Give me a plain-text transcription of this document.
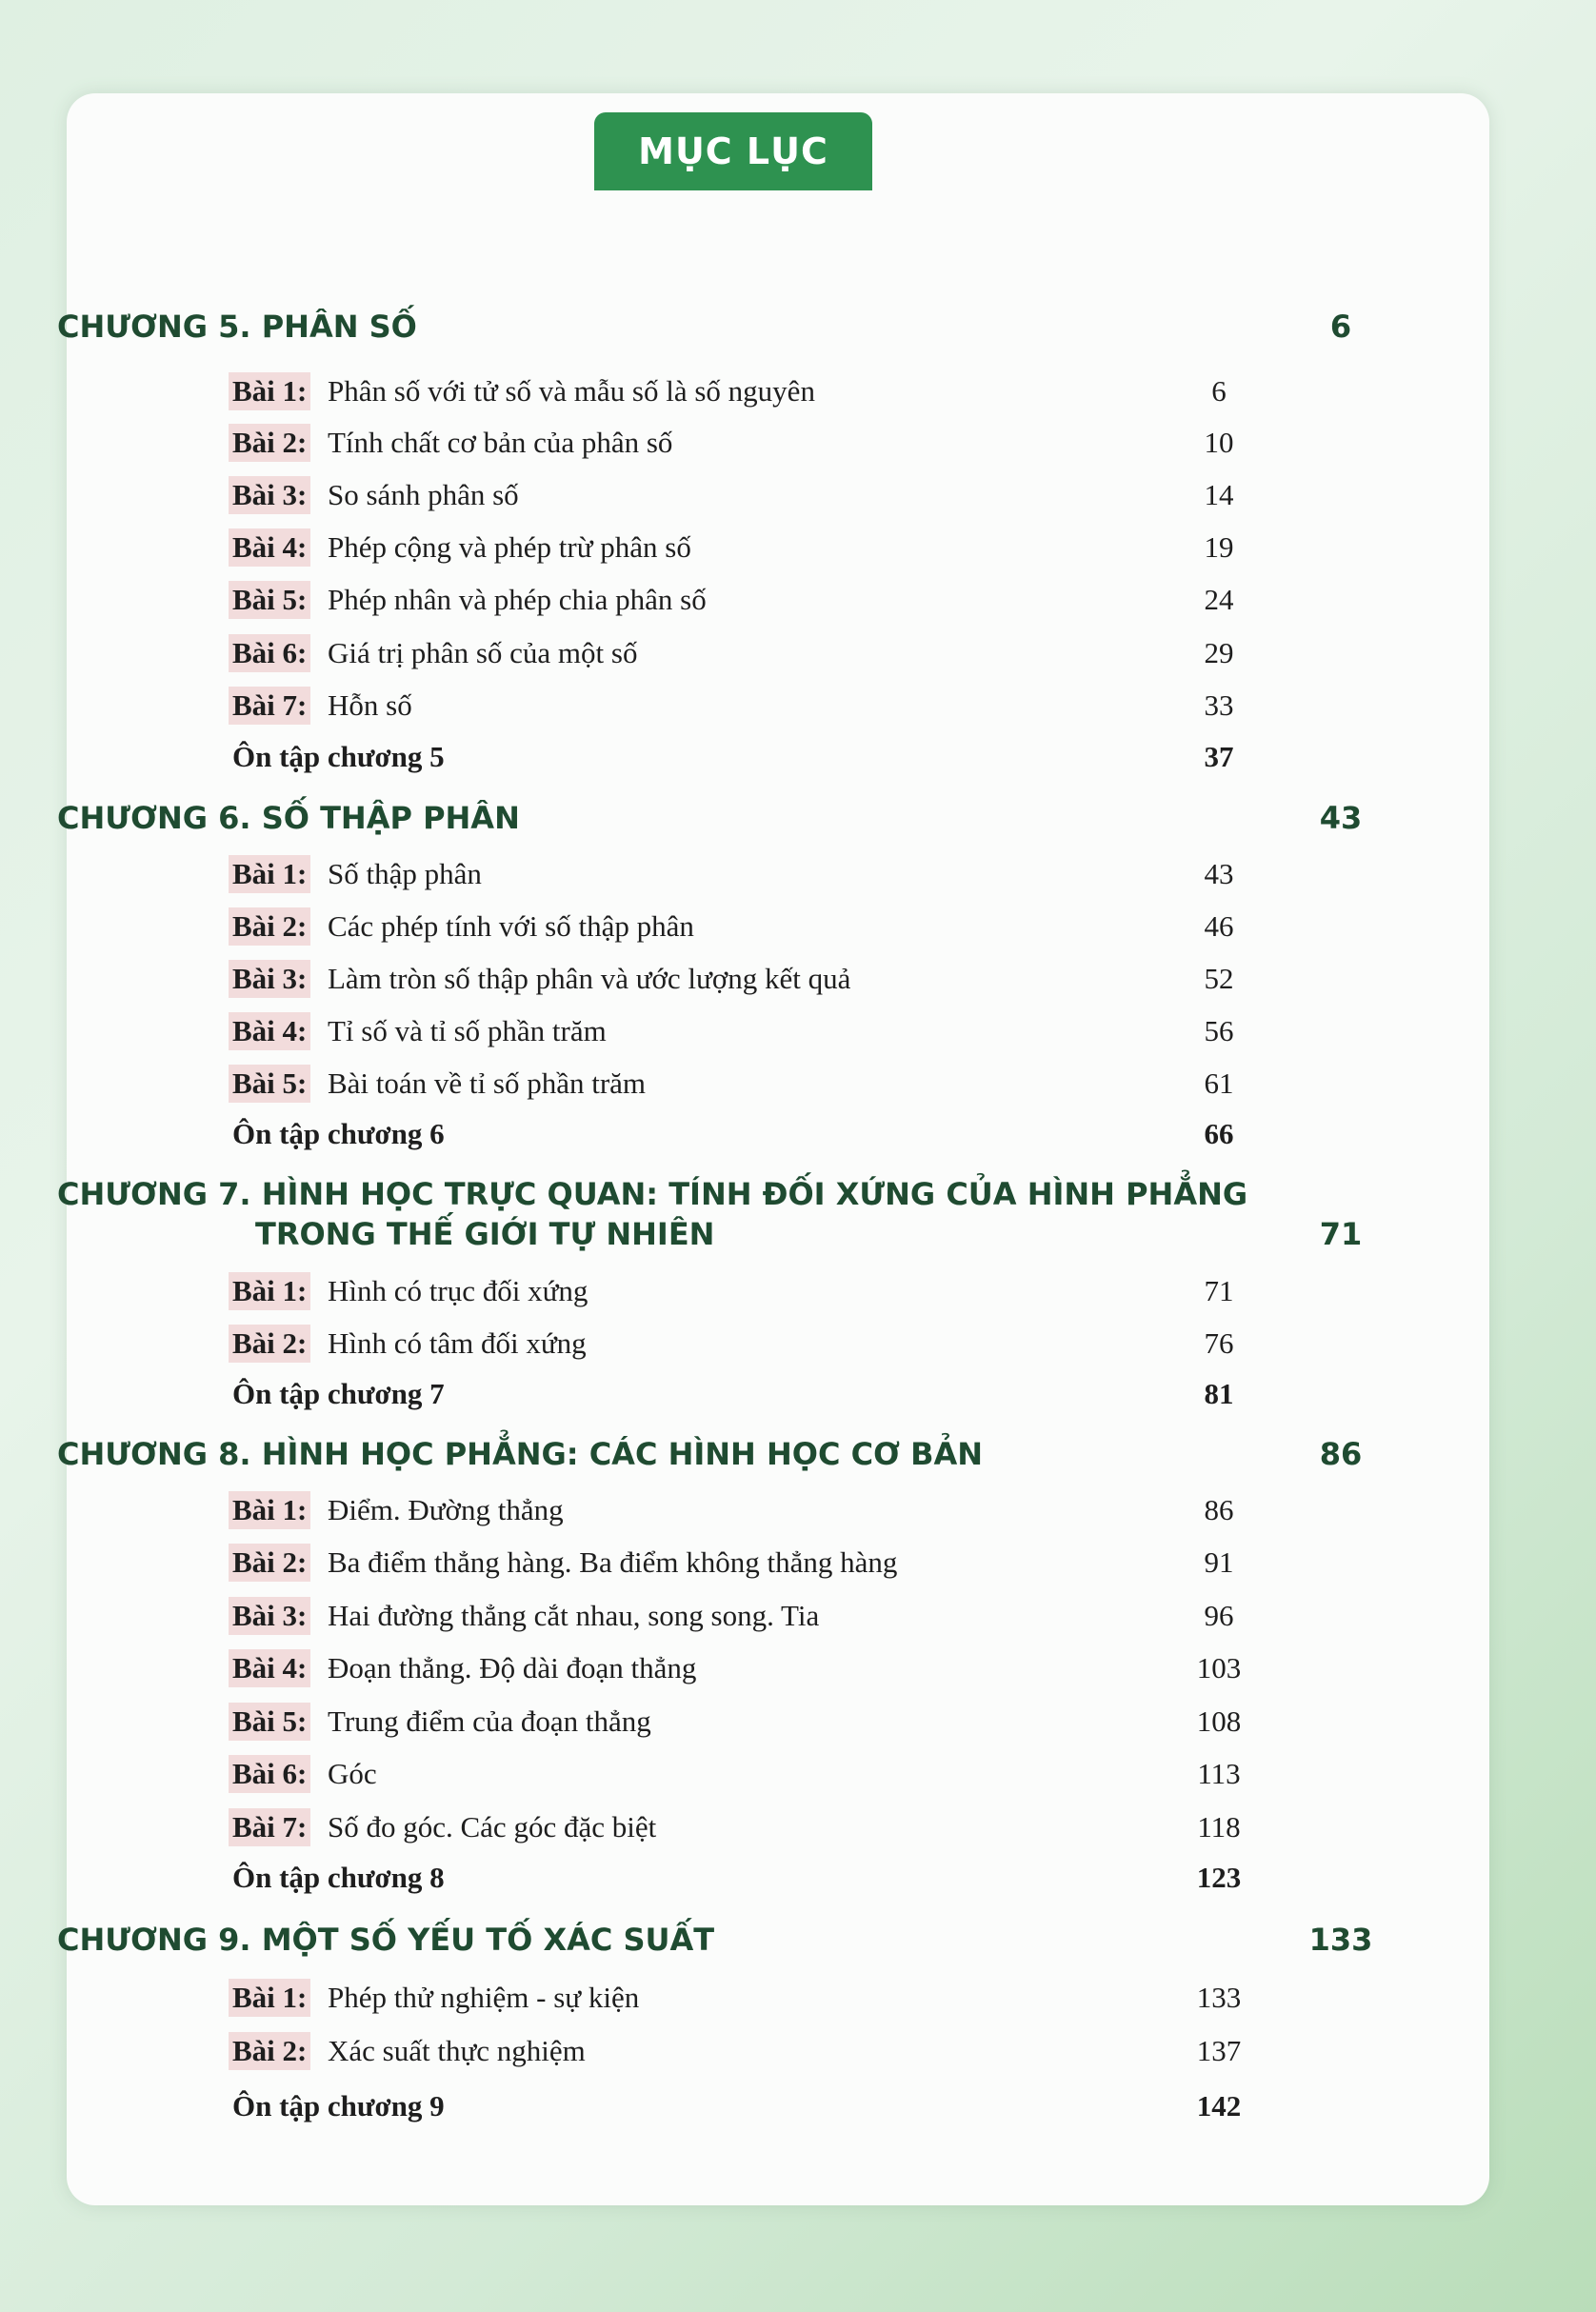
MỤC LỤC
CHƯƠNG 5. PHÂN SỐ	6
Bài 1: Phân số với tử số và mẫu số là số nguyên	6
Bài 2: Tính chất cơ bản của phân số	10
Bài 3: So sánh phân số	14
Bài 4: Phép cộng và phép trừ phân số	19
Bài 5: Phép nhân và phép chia phân số	24
Bài 6: Giá trị phân số của một số	29
Bài 7: Hỗn số	33
Ôn tập chương 5	37
CHƯƠNG 6. SỐ THẬP PHÂN	43
Bài 1: Số thập phân	43
Bài 2: Các phép tính với số thập phân	46
Bài 3: Làm tròn số thập phân và ước lượng kết quả	52
Bài 4: Tỉ số và tỉ số phần trăm	56
Bài 5: Bài toán về tỉ số phần trăm	61
Ôn tập chương 6	66
CHƯƠNG 7. HÌNH HỌC TRỰC QUAN: TÍNH ĐỐI XỨNG CỦA HÌNH PHẲNG
TRONG THẾ GIỚI TỰ NHIÊN	71
Bài 1: Hình có trục đối xứng	71
Bài 2: Hình có tâm đối xứng	76
Ôn tập chương 7	81
CHƯƠNG 8. HÌNH HỌC PHẲNG: CÁC HÌNH HỌC CƠ BẢN	86
Bài 1: Điểm. Đường thẳng	86
Bài 2: Ba điểm thẳng hàng. Ba điểm không thẳng hàng	91
Bài 3: Hai đường thẳng cắt nhau, song song. Tia	96
Bài 4: Đoạn thẳng. Độ dài đoạn thẳng	103
Bài 5: Trung điểm của đoạn thẳng	108
Bài 6: Góc	113
Bài 7: Số đo góc. Các góc đặc biệt	118
Ôn tập chương 8	123
CHƯƠNG 9. MỘT SỐ YẾU TỐ XÁC SUẤT	133
Bài 1: Phép thử nghiệm - sự kiện	133
Bài 2: Xác suất thực nghiệm	137
Ôn tập chương 9	142
